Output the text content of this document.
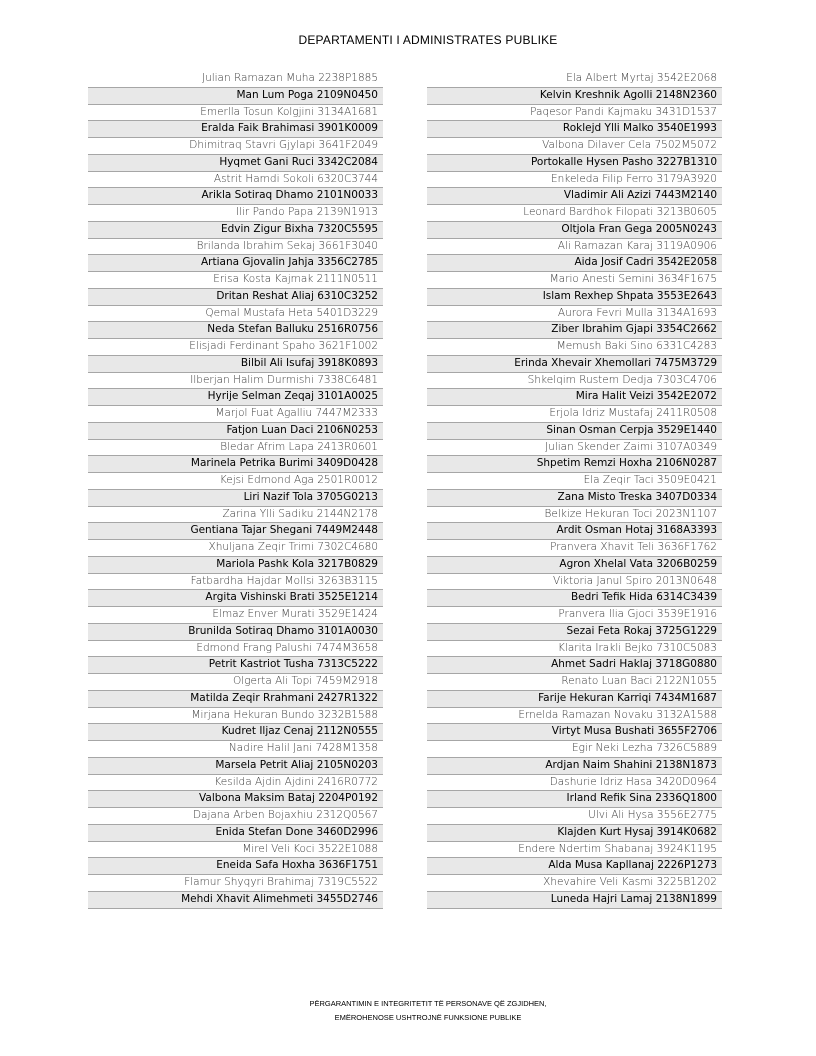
DEPARTAMENTI I ADMINISTRATES PUBLIKE
Julian Ramazan Muha 2238P1885
Man Lum Poga 2109N0450
Emerlla Tosun Kolgjini 3134A1681
Eralda Faik Brahimasi 3901K0009
Dhimitraq Stavri Gjylapi 3641F2049
Hyqmet Gani Ruci 3342C2084
Astrit Hamdi Sokoli 6320C3744
Arikla Sotiraq Dhamo 2101N0033
Ilir Pando Papa 2139N1913
Edvin Zigur Bixha 7320C5595
Brilanda Ibrahim Sekaj 3661F3040
Artiana Gjovalin Jahja 3356C2785
Erisa Kosta Kajmak 2111N0511
Dritan Reshat Aliaj 6310C3252
Qemal Mustafa Heta 5401D3229
Neda Stefan Balluku 2516R0756
Elisjadi Ferdinant Spaho 3621F1002
Bilbil Ali Isufaj 3918K0893
Ilberjan Halim Durmishi 7338C6481
Hyrije Selman Zeqaj 3101A0025
Marjol Fuat Agalliu 7447M2333
Fatjon Luan Daci 2106N0253
Bledar Afrim Lapa 2413R0601
Marinela Petrika Burimi 3409D0428
Kejsi Edmond Aga 2501R0012
Liri Nazif Tola 3705G0213
Zarina Ylli Sadiku 2144N2178
Gentiana Tajar Shegani 7449M2448
Xhuljana Zeqir Trimi 7302C4680
Mariola Pashk Kola 3217B0829
Fatbardha Hajdar Mollsi 3263B3115
Argita Vishinski Brati 3525E1214
Elmaz Enver Murati 3529E1424
Brunilda Sotiraq Dhamo 3101A0030
Edmond Frang Palushi 7474M3658
Petrit Kastriot Tusha 7313C5222
Olgerta Ali Topi 7459M2918
Matilda Zeqir Rrahmani 2427R1322
Mirjana Hekuran Bundo 3232B1588
Kudret Iljaz Cenaj 2112N0555
Nadire Halil Jani 7428M1358
Marsela Petrit Aliaj 2105N0203
Kesilda Ajdin Ajdini 2416R0772
Valbona Maksim Bataj 2204P0192
Dajana Arben Bojaxhiu 2312Q0567
Enida Stefan Done 3460D2996
Mirel Veli Koci 3522E1088
Eneida Safa Hoxha 3636F1751
Flamur Shyqyri Brahimaj 7319C5522
Mehdi Xhavit Alimehmeti 3455D2746
Ela Albert Myrtaj 3542E2068
Kelvin Kreshnik Agolli 2148N2360
Paqesor Pandi Kajmaku 3431D1537
Roklejd Ylli Malko 3540E1993
Valbona Dilaver Cela 7502M5072
Portokalle Hysen Pasho 3227B1310
Enkeleda Filip Ferro 3179A3920
Vladimir Ali Azizi 7443M2140
Leonard Bardhok Filopati 3213B0605
Oltjola Fran Gega 2005N0243
Ali Ramazan Karaj 3119A0906
Aida Josif Cadri 3542E2058
Mario Anesti Semini 3634F1675
Islam Rexhep Shpata 3553E2643
Aurora Fevri Mulla 3134A1693
Ziber Ibrahim Gjapi 3354C2662
Memush Baki Sino 6331C4283
Erinda Xhevair Xhemollari 7475M3729
Shkelqim Rustem Dedja 7303C4706
Mira Halit Veizi 3542E2072
Erjola Idriz Mustafaj 2411R0508
Sinan Osman Cerpja 3529E1440
Julian Skender Zaimi 3107A0349
Shpetim Remzi Hoxha 2106N0287
Ela Zeqir Taci 3509E0421
Zana Misto Treska 3407D0334
Belkize Hekuran Toci 2023N1107
Ardit Osman Hotaj 3168A3393
Pranvera Xhavit Teli 3636F1762
Agron Xhelal Vata 3206B0259
Viktoria Janul Spiro 2013N0648
Bedri Tefik Hida 6314C3439
Pranvera Ilia Gjoci 3539E1916
Sezai Feta Rokaj 3725G1229
Klarita Irakli Bejko 7310C5083
Ahmet Sadri Haklaj 3718G0880
Renato Luan Baci 2122N1055
Farije Hekuran Karriqi 7434M1687
Ernelda Ramazan Novaku 3132A1588
Virtyt Musa Bushati 3655F2706
Egir Neki Lezha 7326C5889
Ardjan Naim Shahini 2138N1873
Dashurie Idriz Hasa 3420D0964
Irland Refik Sina 2336Q1800
Ulvi Ali Hysa 3556E2775
Klajden Kurt Hysaj 3914K0682
Endere Ndertim Shabanaj 3924K1195
Alda Musa Kapllanaj 2226P1273
Xhevahire Veli Kasmi 3225B1202
Luneda Hajri Lamaj 2138N1899
PËRGARANTIMIN E INTEGRITETIT TË PERSONAVE QË ZGJIDHEN,
EMËROHENOSE USHTROJNË FUNKSIONE PUBLIKE
